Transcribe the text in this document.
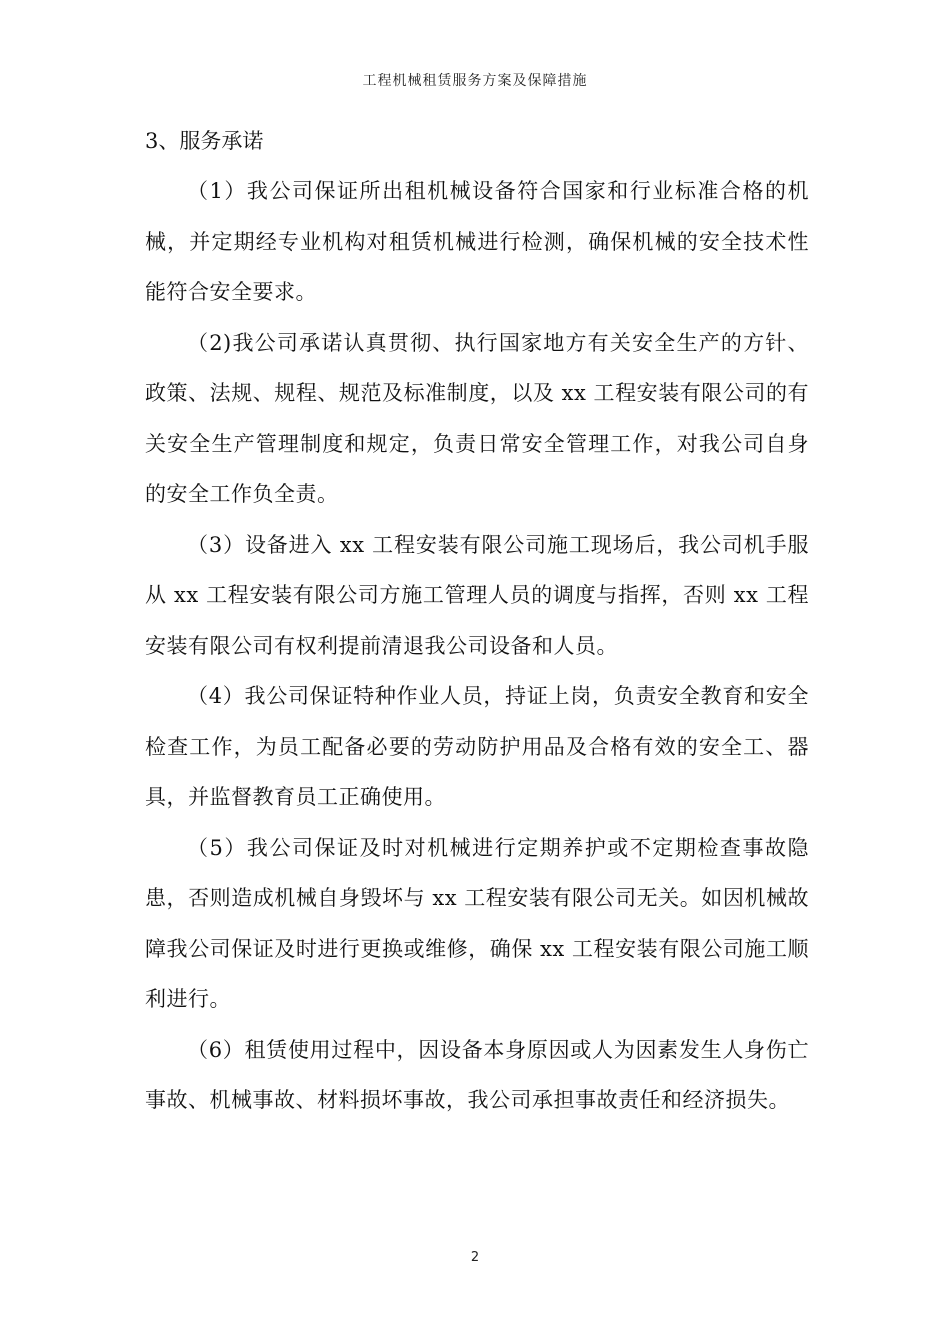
工程机械租赁服务方案及保障措施
3、服务承诺

（1）我公司保证所出租机械设备符合国家和行业标准合格的机械，并定期经专业机构对租赁机械进行检测，确保机械的安全技术性能符合安全要求。

（2)我公司承诺认真贯彻、执行国家地方有关安全生产的方针、政策、法规、规程、规范及标准制度，以及 xx 工程安装有限公司的有关安全生产管理制度和规定，负责日常安全管理工作，对我公司自身的安全工作负全责。

（3）设备进入 xx 工程安装有限公司施工现场后，我公司机手服从 xx 工程安装有限公司方施工管理人员的调度与指挥，否则 xx 工程安装有限公司有权利提前清退我公司设备和人员。

（4）我公司保证特种作业人员，持证上岗，负责安全教育和安全检查工作，为员工配备必要的劳动防护用品及合格有效的安全工、器具，并监督教育员工正确使用。

（5）我公司保证及时对机械进行定期养护或不定期检查事故隐患，否则造成机械自身毁坏与 xx 工程安装有限公司无关。如因机械故障我公司保证及时进行更换或维修，确保 xx 工程安装有限公司施工顺利进行。

（6）租赁使用过程中，因设备本身原因或人为因素发生人身伤亡事故、机械事故、材料损坏事故，我公司承担事故责任和经济损失。

2
